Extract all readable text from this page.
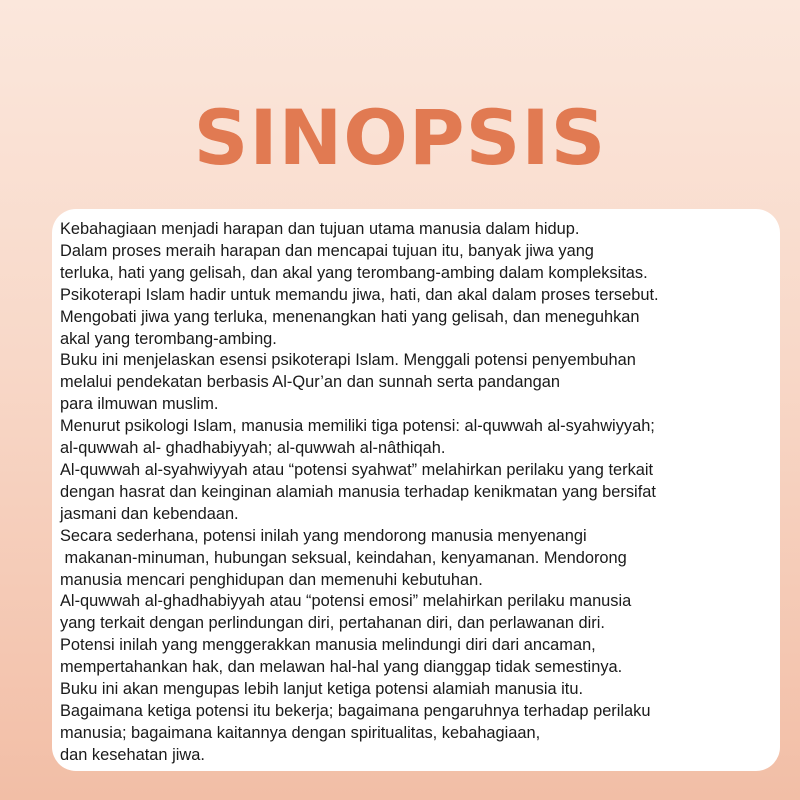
SINOPSIS

Kebahagiaan menjadi harapan dan tujuan utama manusia dalam hidup.
Dalam proses meraih harapan dan mencapai tujuan itu, banyak jiwa yang
terluka, hati yang gelisah, dan akal yang terombang-ambing dalam kompleksitas.
Psikoterapi Islam hadir untuk memandu jiwa, hati, dan akal dalam proses tersebut.
Mengobati jiwa yang terluka, menenangkan hati yang gelisah, dan meneguhkan
akal yang terombang-ambing.
Buku ini menjelaskan esensi psikoterapi Islam. Menggali potensi penyembuhan
melalui pendekatan berbasis Al-Qur’an dan sunnah serta pandangan
para ilmuwan muslim.
Menurut psikologi Islam, manusia memiliki tiga potensi: al-quwwah al-syahwiyyah;
al-quwwah al- ghadhabiyyah; al-quwwah al-nâthiqah.
Al-quwwah al-syahwiyyah atau “potensi syahwat” melahirkan perilaku yang terkait
dengan hasrat dan keinginan alamiah manusia terhadap kenikmatan yang bersifat
jasmani dan kebendaan.
Secara sederhana, potensi inilah yang mendorong manusia menyenangi
makanan-minuman, hubungan seksual, keindahan, kenyamanan. Mendorong
manusia mencari penghidupan dan memenuhi kebutuhan.
Al-quwwah al-ghadhabiyyah atau “potensi emosi” melahirkan perilaku manusia
yang terkait dengan perlindungan diri, pertahanan diri, dan perlawanan diri.
Potensi inilah yang menggerakkan manusia melindungi diri dari ancaman,
mempertahankan hak, dan melawan hal-hal yang dianggap tidak semestinya.
Buku ini akan mengupas lebih lanjut ketiga potensi alamiah manusia itu.
Bagaimana ketiga potensi itu bekerja; bagaimana pengaruhnya terhadap perilaku
manusia; bagaimana kaitannya dengan spiritualitas, kebahagiaan,
dan kesehatan jiwa.
